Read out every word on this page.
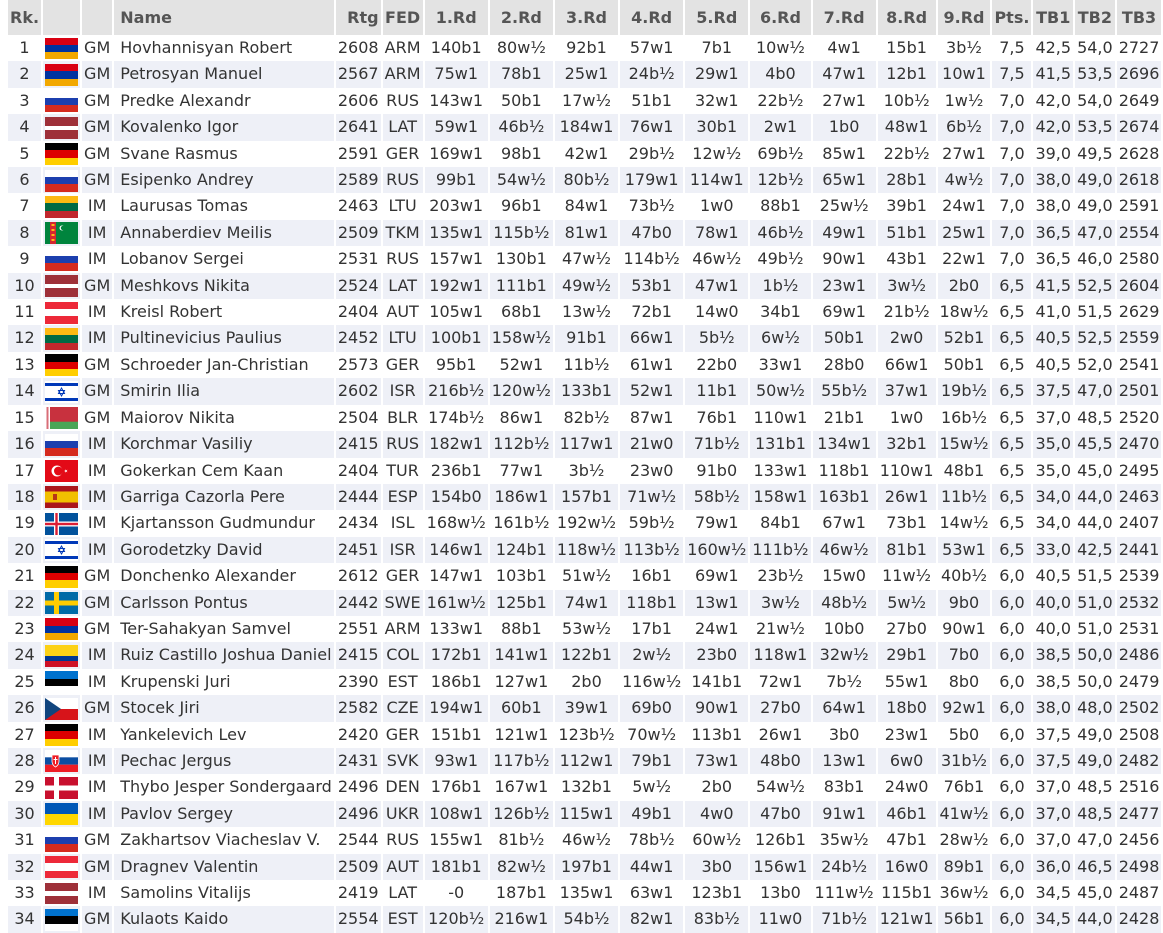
Rk.			Name	Rtg	FED	1.Rd	2.Rd	3.Rd	4.Rd	5.Rd	6.Rd	7.Rd	8.Rd	9.Rd	Pts.	TB1	TB2	TB3
1		GM	Hovhannisyan Robert	2608	ARM	140b1	80w½	92b1	57w1	7b1	10w½	4w1	15b1	3b½	7,5	42,5	54,0	2727
2		GM	Petrosyan Manuel	2567	ARM	75w1	78b1	25w1	24b½	29w1	4b0	47w1	12b1	10w1	7,5	41,5	53,5	2696
3		GM	Predke Alexandr	2606	RUS	143w1	50b1	17w½	51b1	32w1	22b½	27w1	10b½	1w½	7,0	42,0	54,0	2649
4		GM	Kovalenko Igor	2641	LAT	59w1	46b½	184w1	76w1	30b1	2w1	1b0	48w1	6b½	7,0	42,0	53,5	2674
5		GM	Svane Rasmus	2591	GER	169w1	98b1	42w1	29b½	12w½	69b½	85w1	22b½	27w1	7,0	39,0	49,5	2628
6		GM	Esipenko Andrey	2589	RUS	99b1	54w½	80b½	179w1	114w1	12b½	65w1	28b1	4w½	7,0	38,0	49,0	2618
7		IM	Laurusas Tomas	2463	LTU	203w1	96b1	84w1	73b½	1w0	88b1	25w½	39b1	24w1	7,0	38,0	49,0	2591
8		IM	Annaberdiev Meilis	2509	TKM	135w1	115b½	81w1	47b0	78w1	46b½	49w1	51b1	25w1	7,0	36,5	47,0	2554
9		IM	Lobanov Sergei	2531	RUS	157w1	130b1	47w½	114b½	46w½	49b½	90w1	43b1	22w1	7,0	36,5	46,0	2580
10		GM	Meshkovs Nikita	2524	LAT	192w1	111b1	49w½	53b1	47w1	1b½	23w1	3w½	2b0	6,5	41,5	52,5	2604
11		IM	Kreisl Robert	2404	AUT	105w1	68b1	13w½	72b1	14w0	34b1	69w1	21b½	18w½	6,5	41,0	51,5	2629
12		IM	Pultinevicius Paulius	2452	LTU	100b1	158w½	91b1	66w1	5b½	6w½	50b1	2w0	52b1	6,5	40,5	52,5	2559
13		GM	Schroeder Jan-Christian	2573	GER	95b1	52w1	11b½	61w1	22b0	33w1	28b0	66w1	50b1	6,5	40,5	52,0	2541
14		GM	Smirin Ilia	2602	ISR	216b½	120w½	133b1	52w1	11b1	50w½	55b½	37w1	19b½	6,5	37,5	47,0	2501
15		GM	Maiorov Nikita	2504	BLR	174b½	86w1	82b½	87w1	76b1	110w1	21b1	1w0	16b½	6,5	37,0	48,5	2520
16		IM	Korchmar Vasiliy	2415	RUS	182w1	112b½	117w1	21w0	71b½	131b1	134w1	32b1	15w½	6,5	35,0	45,5	2470
17		IM	Gokerkan Cem Kaan	2404	TUR	236b1	77w1	3b½	23w0	91b0	133w1	118b1	110w1	48b1	6,5	35,0	45,0	2495
18		IM	Garriga Cazorla Pere	2444	ESP	154b0	186w1	157b1	71w½	58b½	158w1	163b1	26w1	11b½	6,5	34,0	44,0	2463
19		IM	Kjartansson Gudmundur	2434	ISL	168w½	161b½	192w½	59b½	79w1	84b1	67w1	73b1	14w½	6,5	34,0	44,0	2407
20		IM	Gorodetzky David	2451	ISR	146w1	124b1	118w½	113b½	160w½	111b½	46w½	81b1	53w1	6,5	33,0	42,5	2441
21		GM	Donchenko Alexander	2612	GER	147w1	103b1	51w½	16b1	69w1	23b½	15w0	11w½	40b½	6,0	40,5	51,5	2539
22		GM	Carlsson Pontus	2442	SWE	161w½	125b1	74w1	118b1	13w1	3w½	48b½	5w½	9b0	6,0	40,0	51,0	2532
23		GM	Ter-Sahakyan Samvel	2551	ARM	133w1	88b1	53w½	17b1	24w1	21w½	10b0	27b0	90w1	6,0	40,0	51,0	2531
24		IM	Ruiz Castillo Joshua Daniel	2415	COL	172b1	141w1	122b1	2w½	23b0	118w1	32w½	29b1	7b0	6,0	38,5	50,0	2486
25		IM	Krupenski Juri	2390	EST	186b1	127w1	2b0	116w½	141b1	72w1	7b½	55w1	8b0	6,0	38,5	50,0	2479
26		GM	Stocek Jiri	2582	CZE	194w1	60b1	39w1	69b0	90w1	27b0	64w1	18b0	92w1	6,0	38,0	48,0	2502
27		IM	Yankelevich Lev	2420	GER	151b1	121w1	123b½	70w½	113b1	26w1	3b0	23w1	5b0	6,0	37,5	49,0	2508
28		IM	Pechac Jergus	2431	SVK	93w1	117b½	112w1	79b1	73w1	48b0	13w1	6w0	31b½	6,0	37,5	49,0	2482
29		IM	Thybo Jesper Sondergaard	2496	DEN	176b1	167w1	132b1	5w½	2b0	54w½	83b1	24w0	76b1	6,0	37,0	48,5	2516
30		IM	Pavlov Sergey	2496	UKR	108w1	126b½	115w1	49b1	4w0	47b0	91w1	46b1	41w½	6,0	37,0	48,5	2477
31		GM	Zakhartsov Viacheslav V.	2544	RUS	155w1	81b½	46w½	78b½	60w½	126b1	35w½	47b1	28w½	6,0	37,0	47,0	2456
32		GM	Dragnev Valentin	2509	AUT	181b1	82w½	197b1	44w1	3b0	156w1	24b½	16w0	89b1	6,0	36,0	46,5	2498
33		IM	Samolins Vitalijs	2419	LAT	-0	187b1	135w1	63w1	123b1	13b0	111w½	115b1	36w½	6,0	34,5	45,0	2487
34		GM	Kulaots Kaido	2554	EST	120b½	216w1	54b½	82w1	83b½	11w0	71b½	121w1	56b1	6,0	34,5	44,0	2428
